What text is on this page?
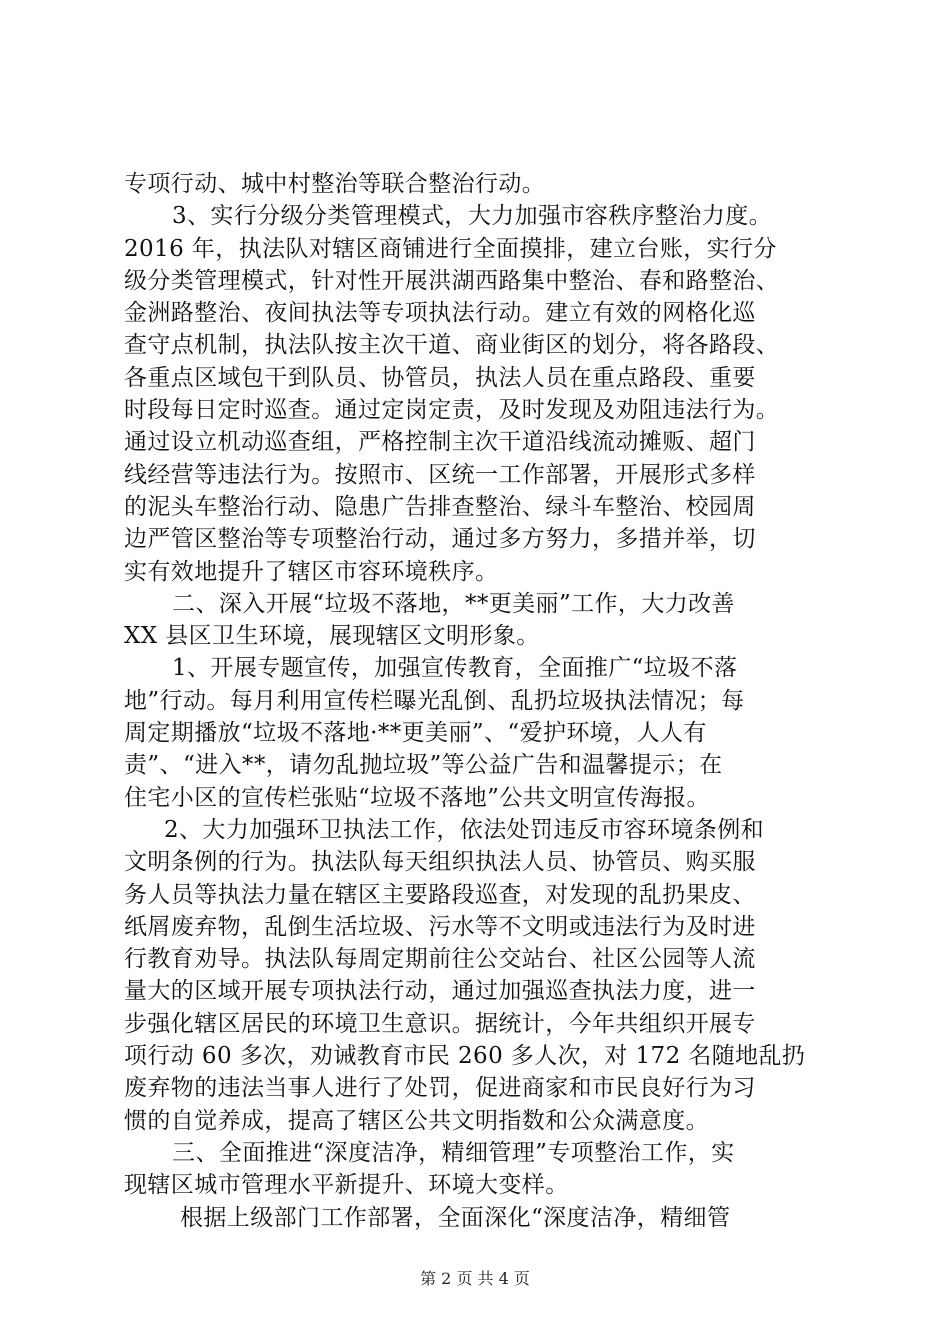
专项行动、城中村整治等联合整治行动。
3、实行分级分类管理模式，大力加强市容秩序整治力度。
2016 年，执法队对辖区商铺进行全面摸排，建立台账，实行分
级分类管理模式，针对性开展洪湖西路集中整治、春和路整治、
金洲路整治、夜间执法等专项执法行动。建立有效的网格化巡
查守点机制，执法队按主次干道、商业街区的划分，将各路段、
各重点区域包干到队员、协管员，执法人员在重点路段、重要
时段每日定时巡查。通过定岗定责，及时发现及劝阻违法行为。
通过设立机动巡查组，严格控制主次干道沿线流动摊贩、超门
线经营等违法行为。按照市、区统一工作部署，开展形式多样
的泥头车整治行动、隐患广告排查整治、绿斗车整治、校园周
边严管区整治等专项整治行动，通过多方努力，多措并举，切
实有效地提升了辖区市容环境秩序。
二、深入开展“垃圾不落地，**更美丽”工作，大力改善
XX 县区卫生环境，展现辖区文明形象。
1、开展专题宣传，加强宣传教育，全面推广“垃圾不落
地”行动。每月利用宣传栏曝光乱倒、乱扔垃圾执法情况；每
周定期播放“垃圾不落地·**更美丽”、“爱护环境，人人有
责”、“进入**，请勿乱抛垃圾”等公益广告和温馨提示；在
住宅小区的宣传栏张贴“垃圾不落地”公共文明宣传海报。
2、大力加强环卫执法工作，依法处罚违反市容环境条例和
文明条例的行为。执法队每天组织执法人员、协管员、购买服
务人员等执法力量在辖区主要路段巡查，对发现的乱扔果皮、
纸屑废弃物，乱倒生活垃圾、污水等不文明或违法行为及时进
行教育劝导。执法队每周定期前往公交站台、社区公园等人流
量大的区域开展专项执法行动，通过加强巡查执法力度，进一
步强化辖区居民的环境卫生意识。据统计，今年共组织开展专
项行动 60 多次，劝诫教育市民 260 多人次，对 172 名随地乱扔
废弃物的违法当事人进行了处罚，促进商家和市民良好行为习
惯的自觉养成，提高了辖区公共文明指数和公众满意度。
三、全面推进“深度洁净，精细管理”专项整治工作，实
现辖区城市管理水平新提升、环境大变样。
根据上级部门工作部署，全面深化“深度洁净，精细管
第 2 页 共 4 页
